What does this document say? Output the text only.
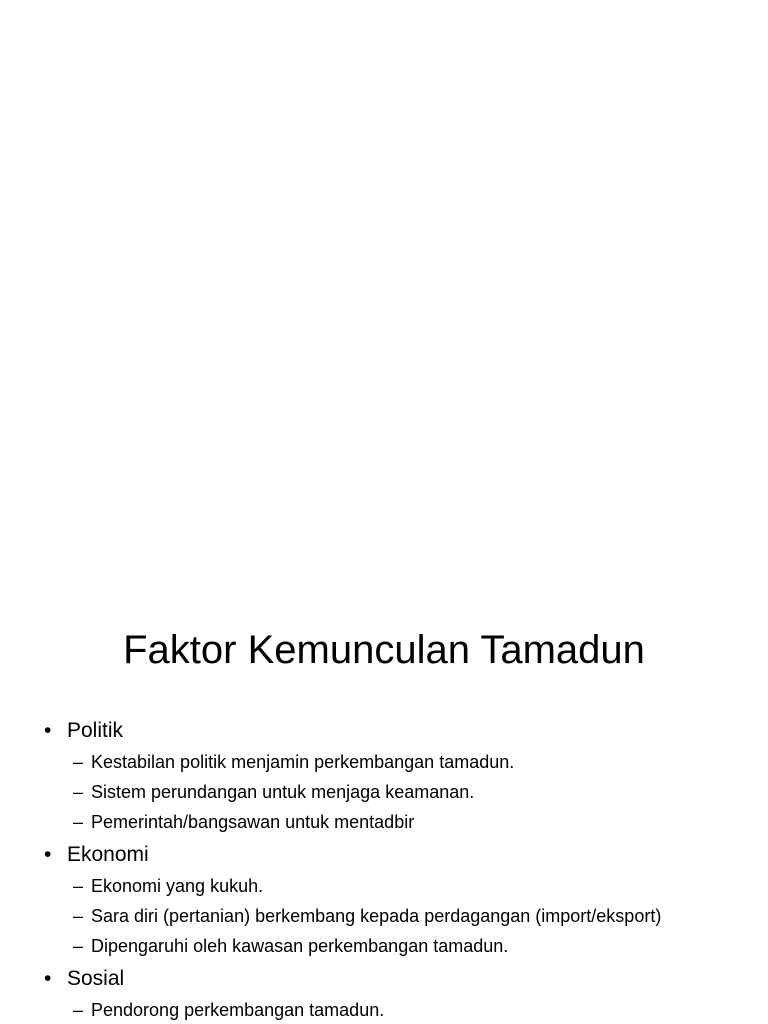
Faktor Kemunculan Tamadun
• Politik
– Kestabilan politik menjamin perkembangan tamadun.
– Sistem perundangan untuk menjaga keamanan.
– Pemerintah/bangsawan untuk mentadbir
• Ekonomi
– Ekonomi yang kukuh.
– Sara diri (pertanian) berkembang kepada perdagangan (import/eksport)
– Dipengaruhi oleh kawasan perkembangan tamadun.
• Sosial
– Pendorong perkembangan tamadun.
